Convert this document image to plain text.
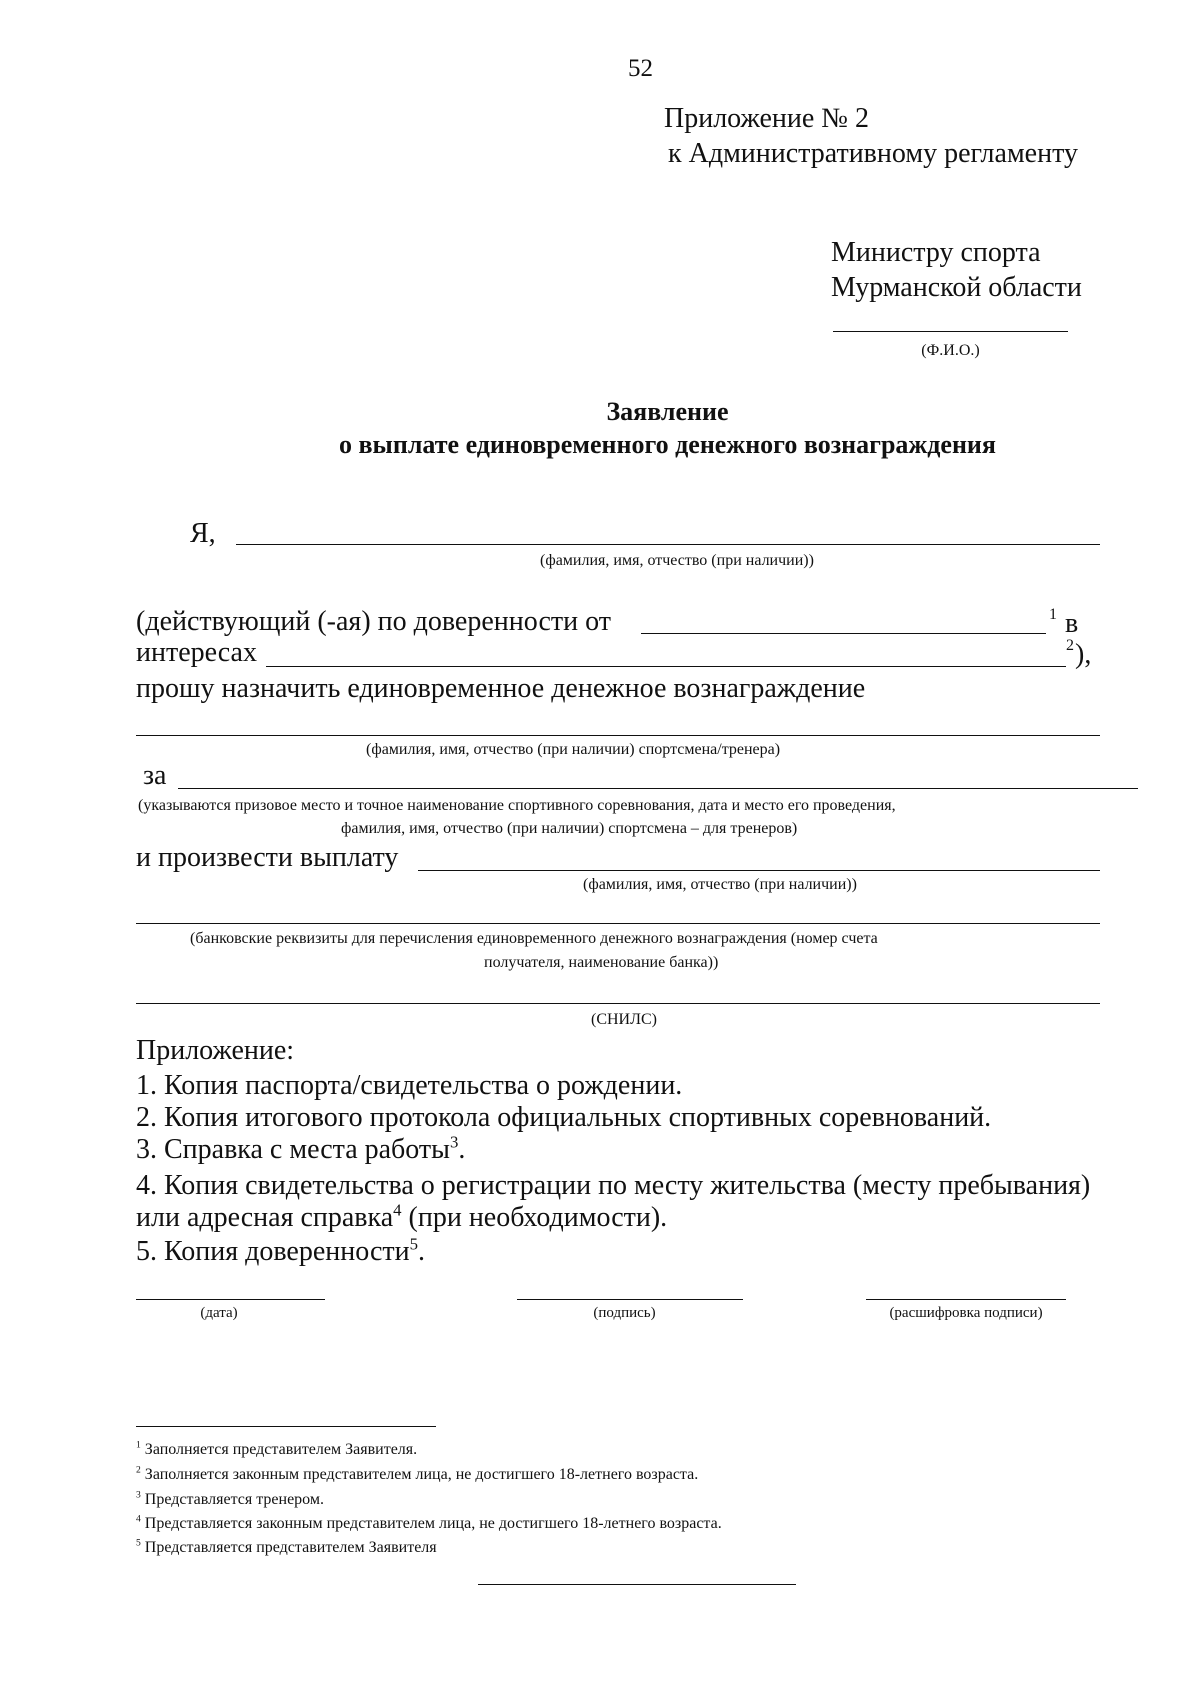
52
Приложение № 2
к Административному регламенту
Министру спорта
Мурманской области
(Ф.И.О.)
Заявление
о выплате единовременного денежного вознаграждения
Я,
(фамилия, имя, отчество (при наличии))
(действующий (-ая) по доверенности от	1 в
интересах	2 ),
прошу назначить единовременное денежное вознаграждение
(фамилия, имя, отчество (при наличии) спортсмена/тренера)
за
(указываются призовое место и точное наименование спортивного соревнования, дата и место его проведения,
фамилия, имя, отчество (при наличии) спортсмена – для тренеров)
и произвести выплату
(фамилия, имя, отчество (при наличии))
(банковские реквизиты для перечисления единовременного денежного вознаграждения (номер счета
получателя, наименование банка))
(СНИЛС)
Приложение:
1. Копия паспорта/свидетельства о рождении.
2. Копия итогового протокола официальных спортивных соревнований.
3. Справка с места работы$^3$.
4. Копия свидетельства о регистрации по месту жительства (месту пребывания)
или адресная справка$^4$ (при необходимости).
5. Копия доверенности$^5$.
(дата)	(подпись)	(расшифровка подписи)
$^1$ Заполняется представителем Заявителя.
$^2$ Заполняется законным представителем лица, не достигшего 18-летнего возраста.
$^3$ Представляется тренером.
$^4$ Представляется законным представителем лица, не достигшего 18-летнего возраста.
$^5$ Представляется представителем Заявителя
